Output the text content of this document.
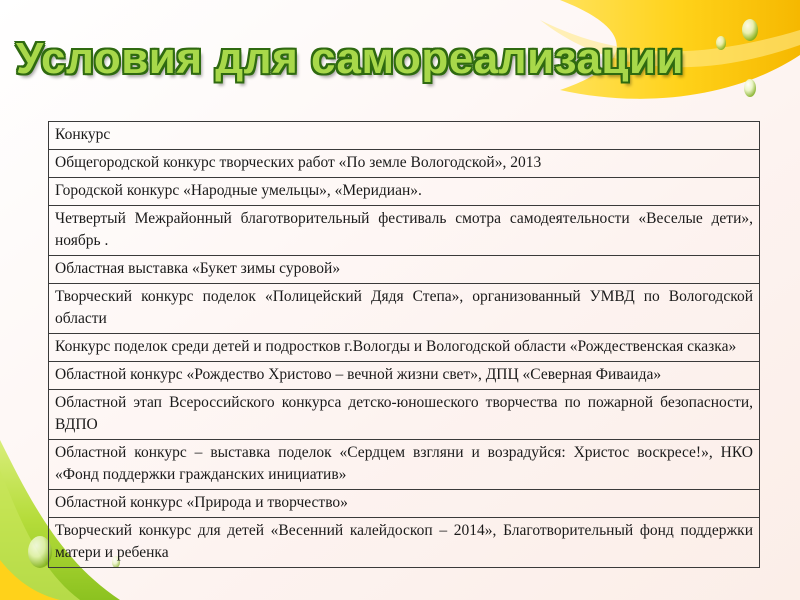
Условия для самореализации
Конкурс
Общегородской конкурс творческих работ «По земле Вологодской», 2013
Городской конкурс «Народные умельцы», «Меридиан».
Четвертый Межрайонный благотворительный фестиваль смотра самодеятельности «Веселые дети», ноябрь .
Областная выставка «Букет зимы суровой»
Творческий конкурс поделок «Полицейский Дядя Степа», организованный УМВД по Вологодской области
Конкурс поделок среди детей и подростков г.Вологды и Вологодской области «Рождественская сказка»
Областной конкурс «Рождество Христово – вечной жизни свет», ДПЦ «Северная Фиваида»
Областной этап Всероссийского конкурса детско-юношеского творчества по пожарной безопасности, ВДПО
Областной конкурс – выставка поделок «Сердцем взгляни и возрадуйся: Христос воскресе!», НКО «Фонд поддержки гражданских инициатив»
Областной конкурс «Природа и творчество»
Творческий конкурс для детей «Весенний калейдоскоп – 2014», Благотворительный фонд поддержки матери и ребенка
